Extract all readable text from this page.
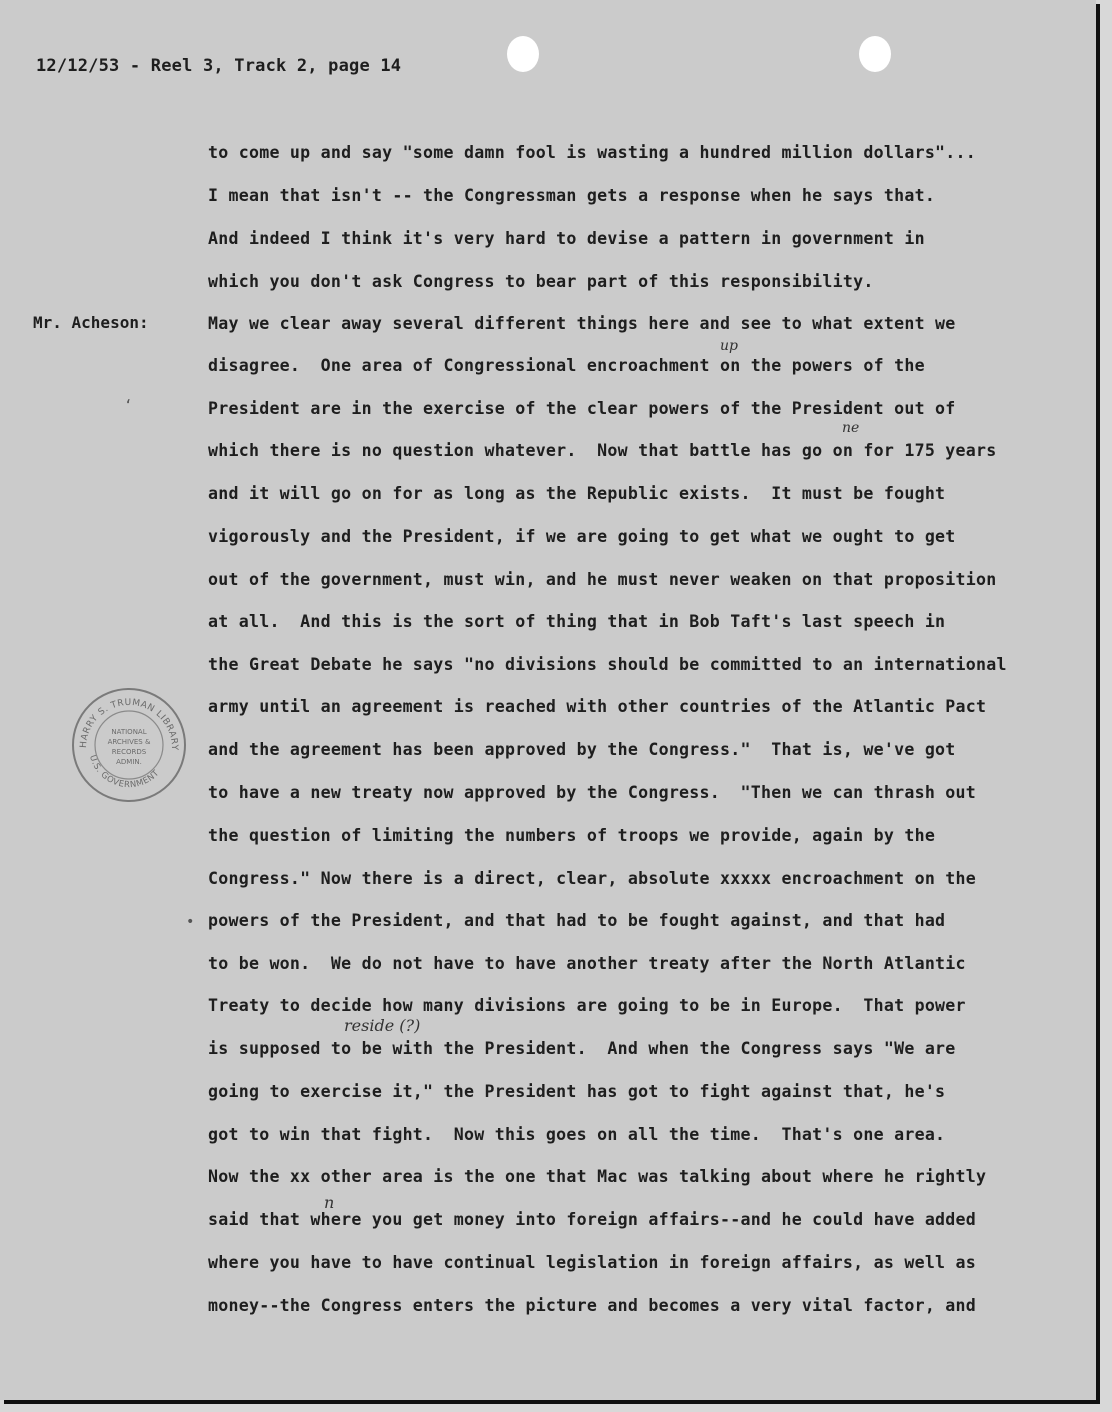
12/12/53 - Reel 3, Track 2, page 14
Mr. Acheson:
to come up and say "some damn fool is wasting a hundred million dollars"...
I mean that isn't -- the Congressman gets a response when he says that.
And indeed I think it's very hard to devise a pattern in government in
which you don't ask Congress to bear part of this responsibility.
May we clear away several different things here and see to what extent we
disagree.  One area of Congressional encroachment on the powers of the
President are in the exercise of the clear powers of the President out of
which there is no question whatever.  Now that battle has go on for 175 years
and it will go on for as long as the Republic exists.  It must be fought
vigorously and the President, if we are going to get what we ought to get
out of the government, must win, and he must never weaken on that proposition
at all.  And this is the sort of thing that in Bob Taft's last speech in
the Great Debate he says "no divisions should be committed to an international
army until an agreement is reached with other countries of the Atlantic Pact
and the agreement has been approved by the Congress."  That is, we've got
to have a new treaty now approved by the Congress.  "Then we can thrash out
the question of limiting the numbers of troops we provide, again by the
Congress." Now there is a direct, clear, absolute xxxxx encroachment on the
powers of the President, and that had to be fought against, and that had
to be won.  We do not have to have another treaty after the North Atlantic
Treaty to decide how many divisions are going to be in Europe.  That power
is supposed to be with the President.  And when the Congress says "We are
going to exercise it," the President has got to fight against that, he's
got to win that fight.  Now this goes on all the time.  That's one area.
Now the xx other area is the one that Mac was talking about where he rightly
said that where you get money into foreign affairs--and he could have added
where you have to have continual legislation in foreign affairs, as well as
money--the Congress enters the picture and becomes a very vital factor, and
up
ne
reside (?)
n
‘
•
HARRY S. TRUMAN LIBRARY
U.S. GOVERNMENT
NATIONAL
ARCHIVES &
RECORDS
ADMIN.
